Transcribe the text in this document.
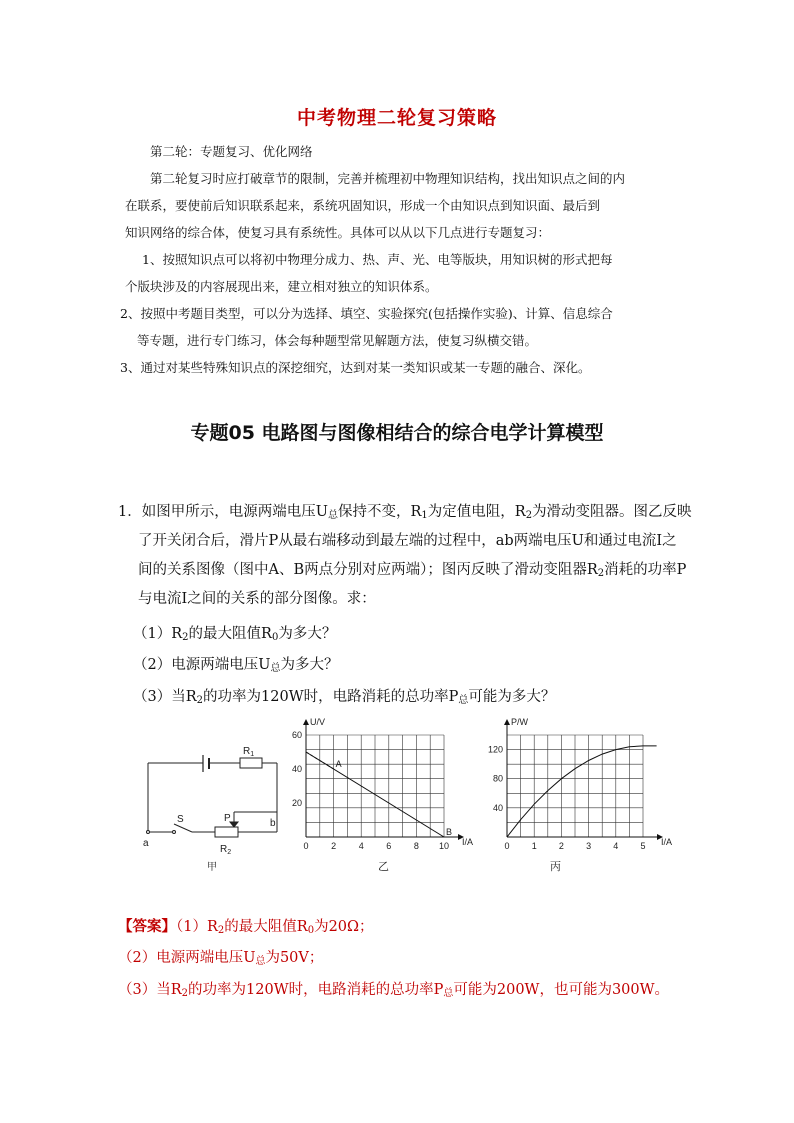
中考物理二轮复习策略
第二轮：专题复习、优化网络
第二轮复习时应打破章节的限制，完善并梳理初中物理知识结构，找出知识点之间的内
在联系，要使前后知识联系起来，系统巩固知识，形成一个由知识点到知识面、最后到
知识网络的综合体，使复习具有系统性。具体可以从以下几点进行专题复习：
1、按照知识点可以将初中物理分成力、热、声、光、电等版块，用知识树的形式把每
个版块涉及的内容展现出来，建立相对独立的知识体系。
2、按照中考题目类型，可以分为选择、填空、实验探究(包括操作实验)、计算、信息综合
等专题，进行专门练习，体会每种题型常见解题方法，使复习纵横交错。
3、通过对某些特殊知识点的深挖细究，达到对某一类知识或某一专题的融合、深化。
专题05 电路图与图像相结合的综合电学计算模型
1．如图甲所示，电源两端电压$U_总$保持不变，$R_1$为定值电阻，$R_2$为滑动变阻器。图乙反映
了开关闭合后，滑片P从最右端移动到最左端的过程中，ab两端电压U和通过电流I之
间的关系图像（图中A、B两点分别对应两端）；图丙反映了滑动变阻器$R_2$消耗的功率P
与电流I之间的关系的部分图像。求：
$(1)R_2$的最大阻值$R_0$为多大？
（2）电源两端电压$U_总$为多大？
（3）当$R_2$的功率为120W时，电路消耗的总功率$P_总$可能为多大？
$R_1$
$R_2$
S	P
a
b
甲
0	2	4	6	8 10
20
40
60
I/A
U/V
A
B
乙
0 1 2 3 4 5
40
80
120
I/A
P/W
丙
【答案】$(1)R_2$的最大阻值$R_0$为20Ω；
（2）电源两端电压$U_总$为50V；
（3）当$R_2$的功率为120W时，电路消耗的总功率$P_总$可能为200W，也可能为300W。
